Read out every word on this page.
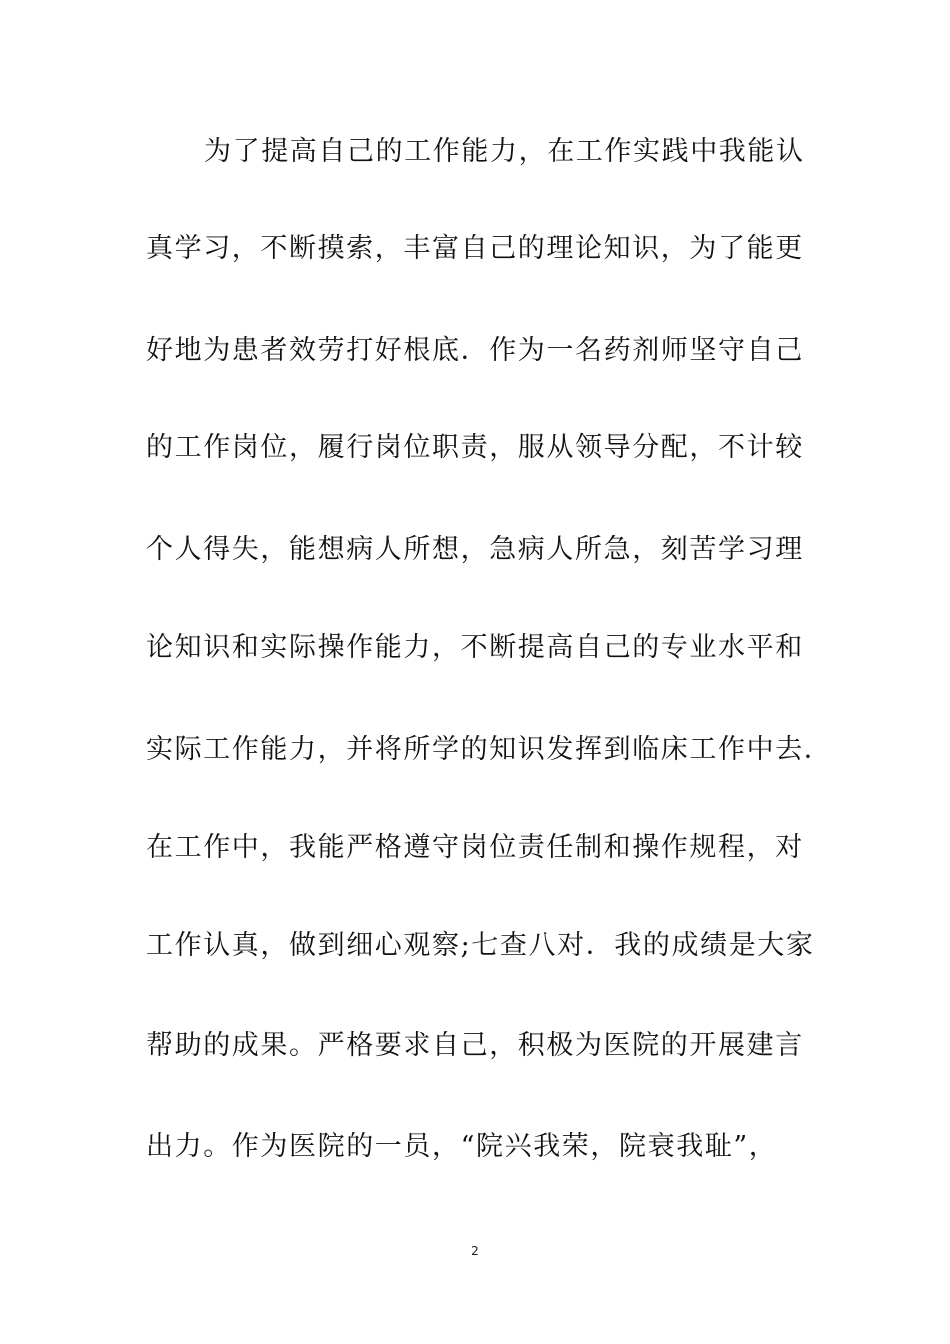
为了提高自己的工作能力，在工作实践中我能认
真学习，不断摸索，丰富自己的理论知识，为了能更
好地为患者效劳打好根底．作为一名药剂师坚守自己
的工作岗位，履行岗位职责，服从领导分配，不计较
个人得失，能想病人所想，急病人所急，刻苦学习理
论知识和实际操作能力，不断提高自己的专业水平和
实际工作能力，并将所学的知识发挥到临床工作中去．
在工作中，我能严格遵守岗位责任制和操作规程，对
工作认真，做到细心观察;七查八对．我的成绩是大家
帮助的成果。严格要求自己，积极为医院的开展建言
出力。作为医院的一员，“院兴我荣，院衰我耻”，
2
